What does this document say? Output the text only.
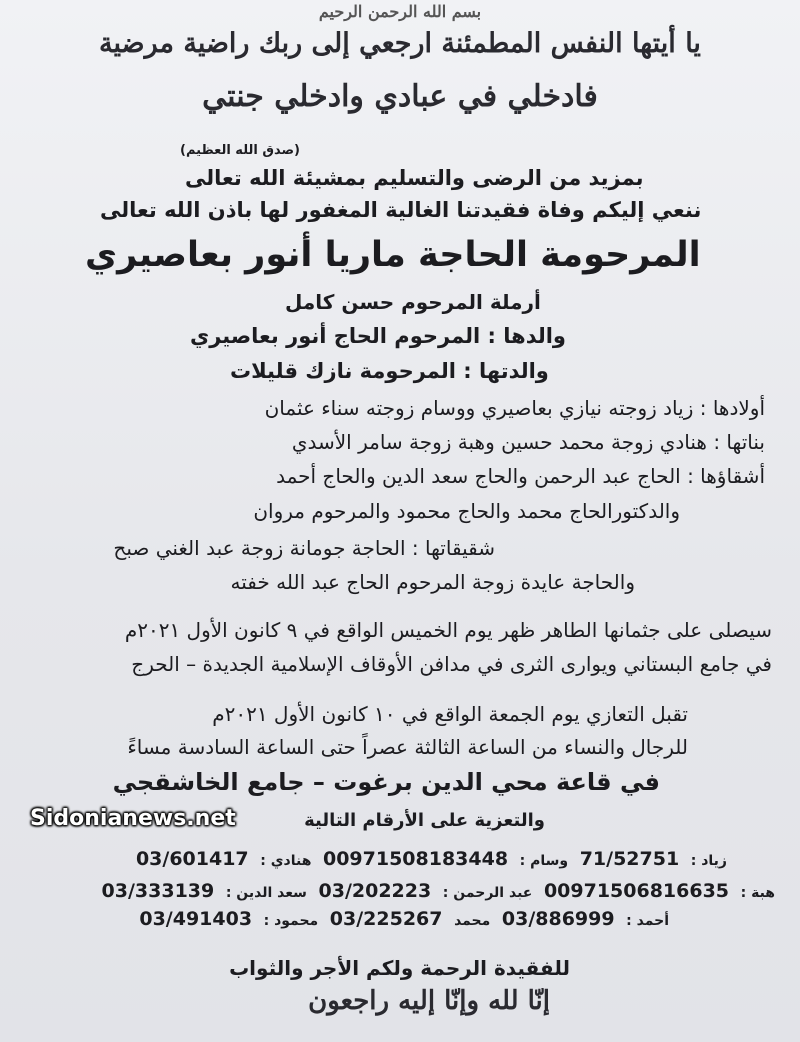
بسم الله الرحمن الرحيم

يا أيتها النفس المطمئنة ارجعي إلى ربك راضية مرضية

فادخلي في عبادي وادخلي جنتي

(صدق الله العظيم)

بمزيد من الرضى والتسليم بمشيئة الله تعالى

ننعي إليكم وفاة فقيدتنا الغالية المغفور لها باذن الله تعالى

المرحومة الحاجة ماريا أنور بعاصيري

أرملة المرحوم حسن كامل

والدها : المرحوم الحاج أنور بعاصيري

والدتها : المرحومة نازك قليلات

أولادها : زياد زوجته نيازي بعاصيري ووسام زوجته سناء عثمان

بناتها : هنادي زوجة محمد حسين وهبة زوجة سامر الأسدي

أشقاؤها : الحاج عبد الرحمن والحاج سعد الدين والحاج أحمد

والدكتورالحاج محمد والحاج محمود والمرحوم مروان

شقيقاتها : الحاجة جومانة زوجة عبد الغني صبح

والحاجة عايدة زوجة المرحوم الحاج عبد الله خفته

سيصلى على جثمانها الطاهر ظهر يوم الخميس الواقع في ٩ كانون الأول ٢٠٢١م

في جامع البستاني ويوارى الثرى في مدافن الأوقاف الإسلامية الجديدة – الحرج

تقبل التعازي يوم الجمعة الواقع في ١٠ كانون الأول ٢٠٢١م

للرجال والنساء من الساعة الثالثة عصراً حتى الساعة السادسة مساءً

في قاعة محي الدين برغوت – جامع الخاشقجي

والتعزية على الأرقام التالية

زياد : 71/52751 وسام : 00971508183448 هنادي : 03/601417
هبة : 00971506816635 عبد الرحمن : 03/202223 سعد الدين : 03/333139
أحمد : 03/886999 محمد 03/225267 محمود : 03/491403

للفقيدة الرحمة ولكم الأجر والثواب

إنّا لله وإنّا إليه راجعون

Sidonianews.net
